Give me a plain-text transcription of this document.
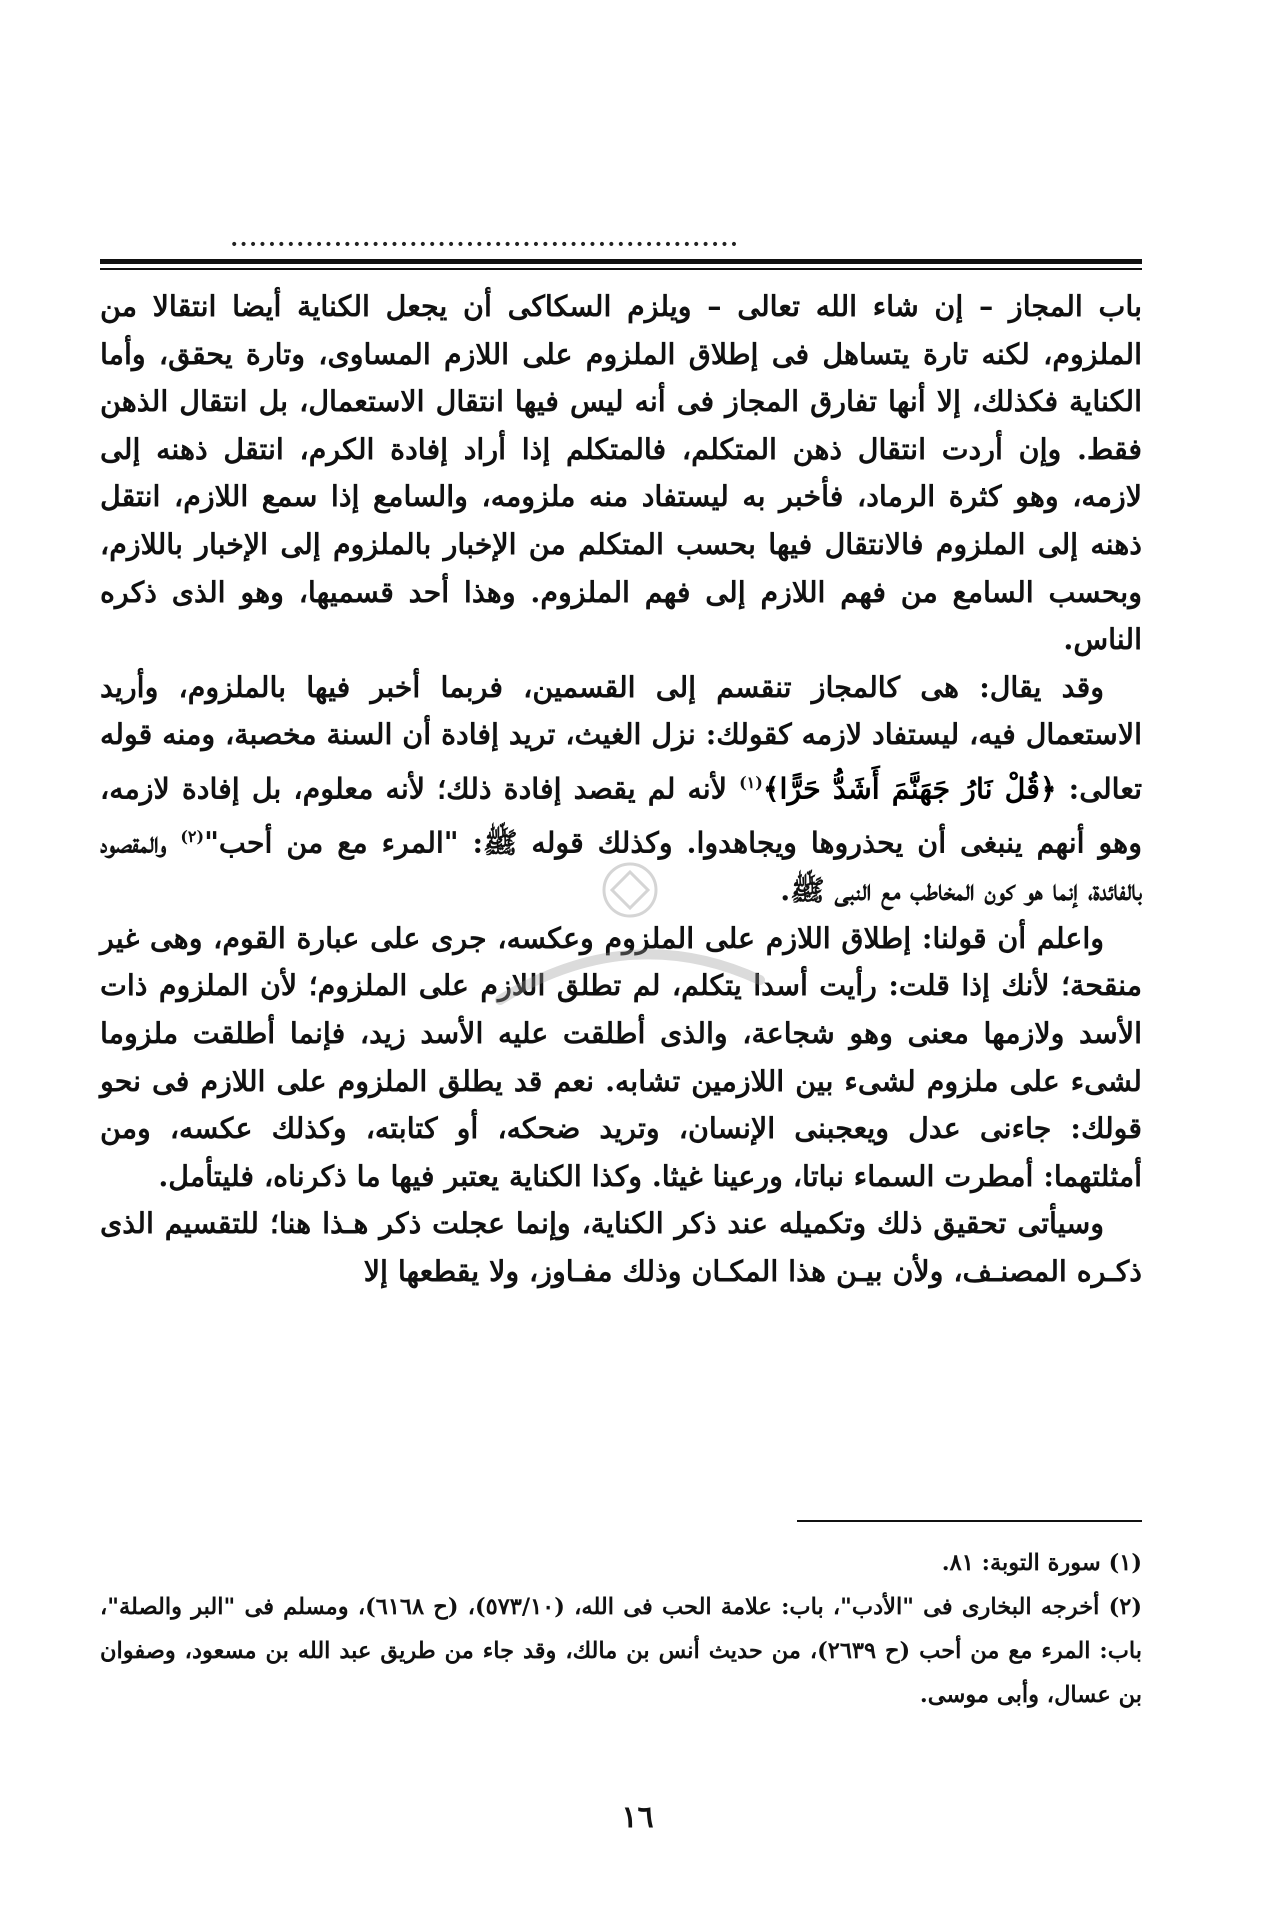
••••••••••••••••••••••••••••••••••••••••••••••••••••••

باب المجاز – إن شاء الله تعالى – ويلزم السكاكى أن يجعل الكناية أيضا انتقالا من الملزوم، لكنه تارة يتساهل فى إطلاق الملزوم على اللازم المساوى، وتارة يحقق، وأما الكناية فكذلك، إلا أنها تفارق المجاز فى أنه ليس فيها انتقال الاستعمال، بل انتقال الذهن فقط. وإن أردت انتقال ذهن المتكلم، فالمتكلم إذا أراد إفادة الكرم، انتقل ذهنه إلى لازمه، وهو كثرة الرماد، فأخبر به ليستفاد منه ملزومه، والسامع إذا سمع اللازم، انتقل ذهنه إلى الملزوم فالانتقال فيها بحسب المتكلم من الإخبار بالملزوم إلى الإخبار باللازم، وبحسب السامع من فهم اللازم إلى فهم الملزوم. وهذا أحد قسميها، وهو الذى ذكره الناس.

وقد يقال: هى كالمجاز تنقسم إلى القسمين، فربما أخبر فيها بالملزوم، وأريد الاستعمال فيه، ليستفاد لازمه كقولك: نزل الغيث، تريد إفادة أن السنة مخصبة، ومنه قوله تعالى: ﴿قُلْ نَارُ جَهَنَّمَ أَشَدُّ حَرًّا﴾$^{(١)}$ لأنه لم يقصد إفادة ذلك؛ لأنه معلوم، بل إفادة لازمه، وهو أنهم ينبغى أن يحذروها ويجاهدوا. وكذلك قوله ﷺ: "المرء مع من أحب"$^{(٢)}$ والمقصود بالفائدة، إنما هو كون المخاطب مع النبى ﷺ.

واعلم أن قولنا: إطلاق اللازم على الملزوم وعكسه، جرى على عبارة القوم، وهى غير منقحة؛ لأنك إذا قلت: رأيت أسدا يتكلم، لم تطلق اللازم على الملزوم؛ لأن الملزوم ذات الأسد ولازمها معنى وهو شجاعة، والذى أطلقت عليه الأسد زيد، فإنما أطلقت ملزوما لشىء على ملزوم لشىء بين اللازمين تشابه. نعم قد يطلق الملزوم على اللازم فى نحو قولك: جاءنى عدل ويعجبنى الإنسان، وتريد ضحكه، أو كتابته، وكذلك عكسه، ومن أمثلتهما: أمطرت السماء نباتا، ورعينا غيثا. وكذا الكناية يعتبر فيها ما ذكرناه، فليتأمل.

وسيأتى تحقيق ذلك وتكميله عند ذكر الكناية، وإنما عجلت ذكر هـذا هنا؛ للتقسيم الذى ذكـره المصنـف، ولأن بيـن هذا المكـان وذلك مفـاوز، ولا يقطعها إلا

(١) سورة التوبة: ٨١.

(٢) أخرجه البخارى فى "الأدب"، باب: علامة الحب فى الله، (٥٧٣/١٠)، (ح ٦١٦٨)، ومسلم فى "البر والصلة"، باب: المرء مع من أحب (ح ٢٦٣٩)، من حديث أنس بن مالك، وقد جاء من طريق عبد الله بن مسعود، وصفوان بن عسال، وأبى موسى.

١٦
